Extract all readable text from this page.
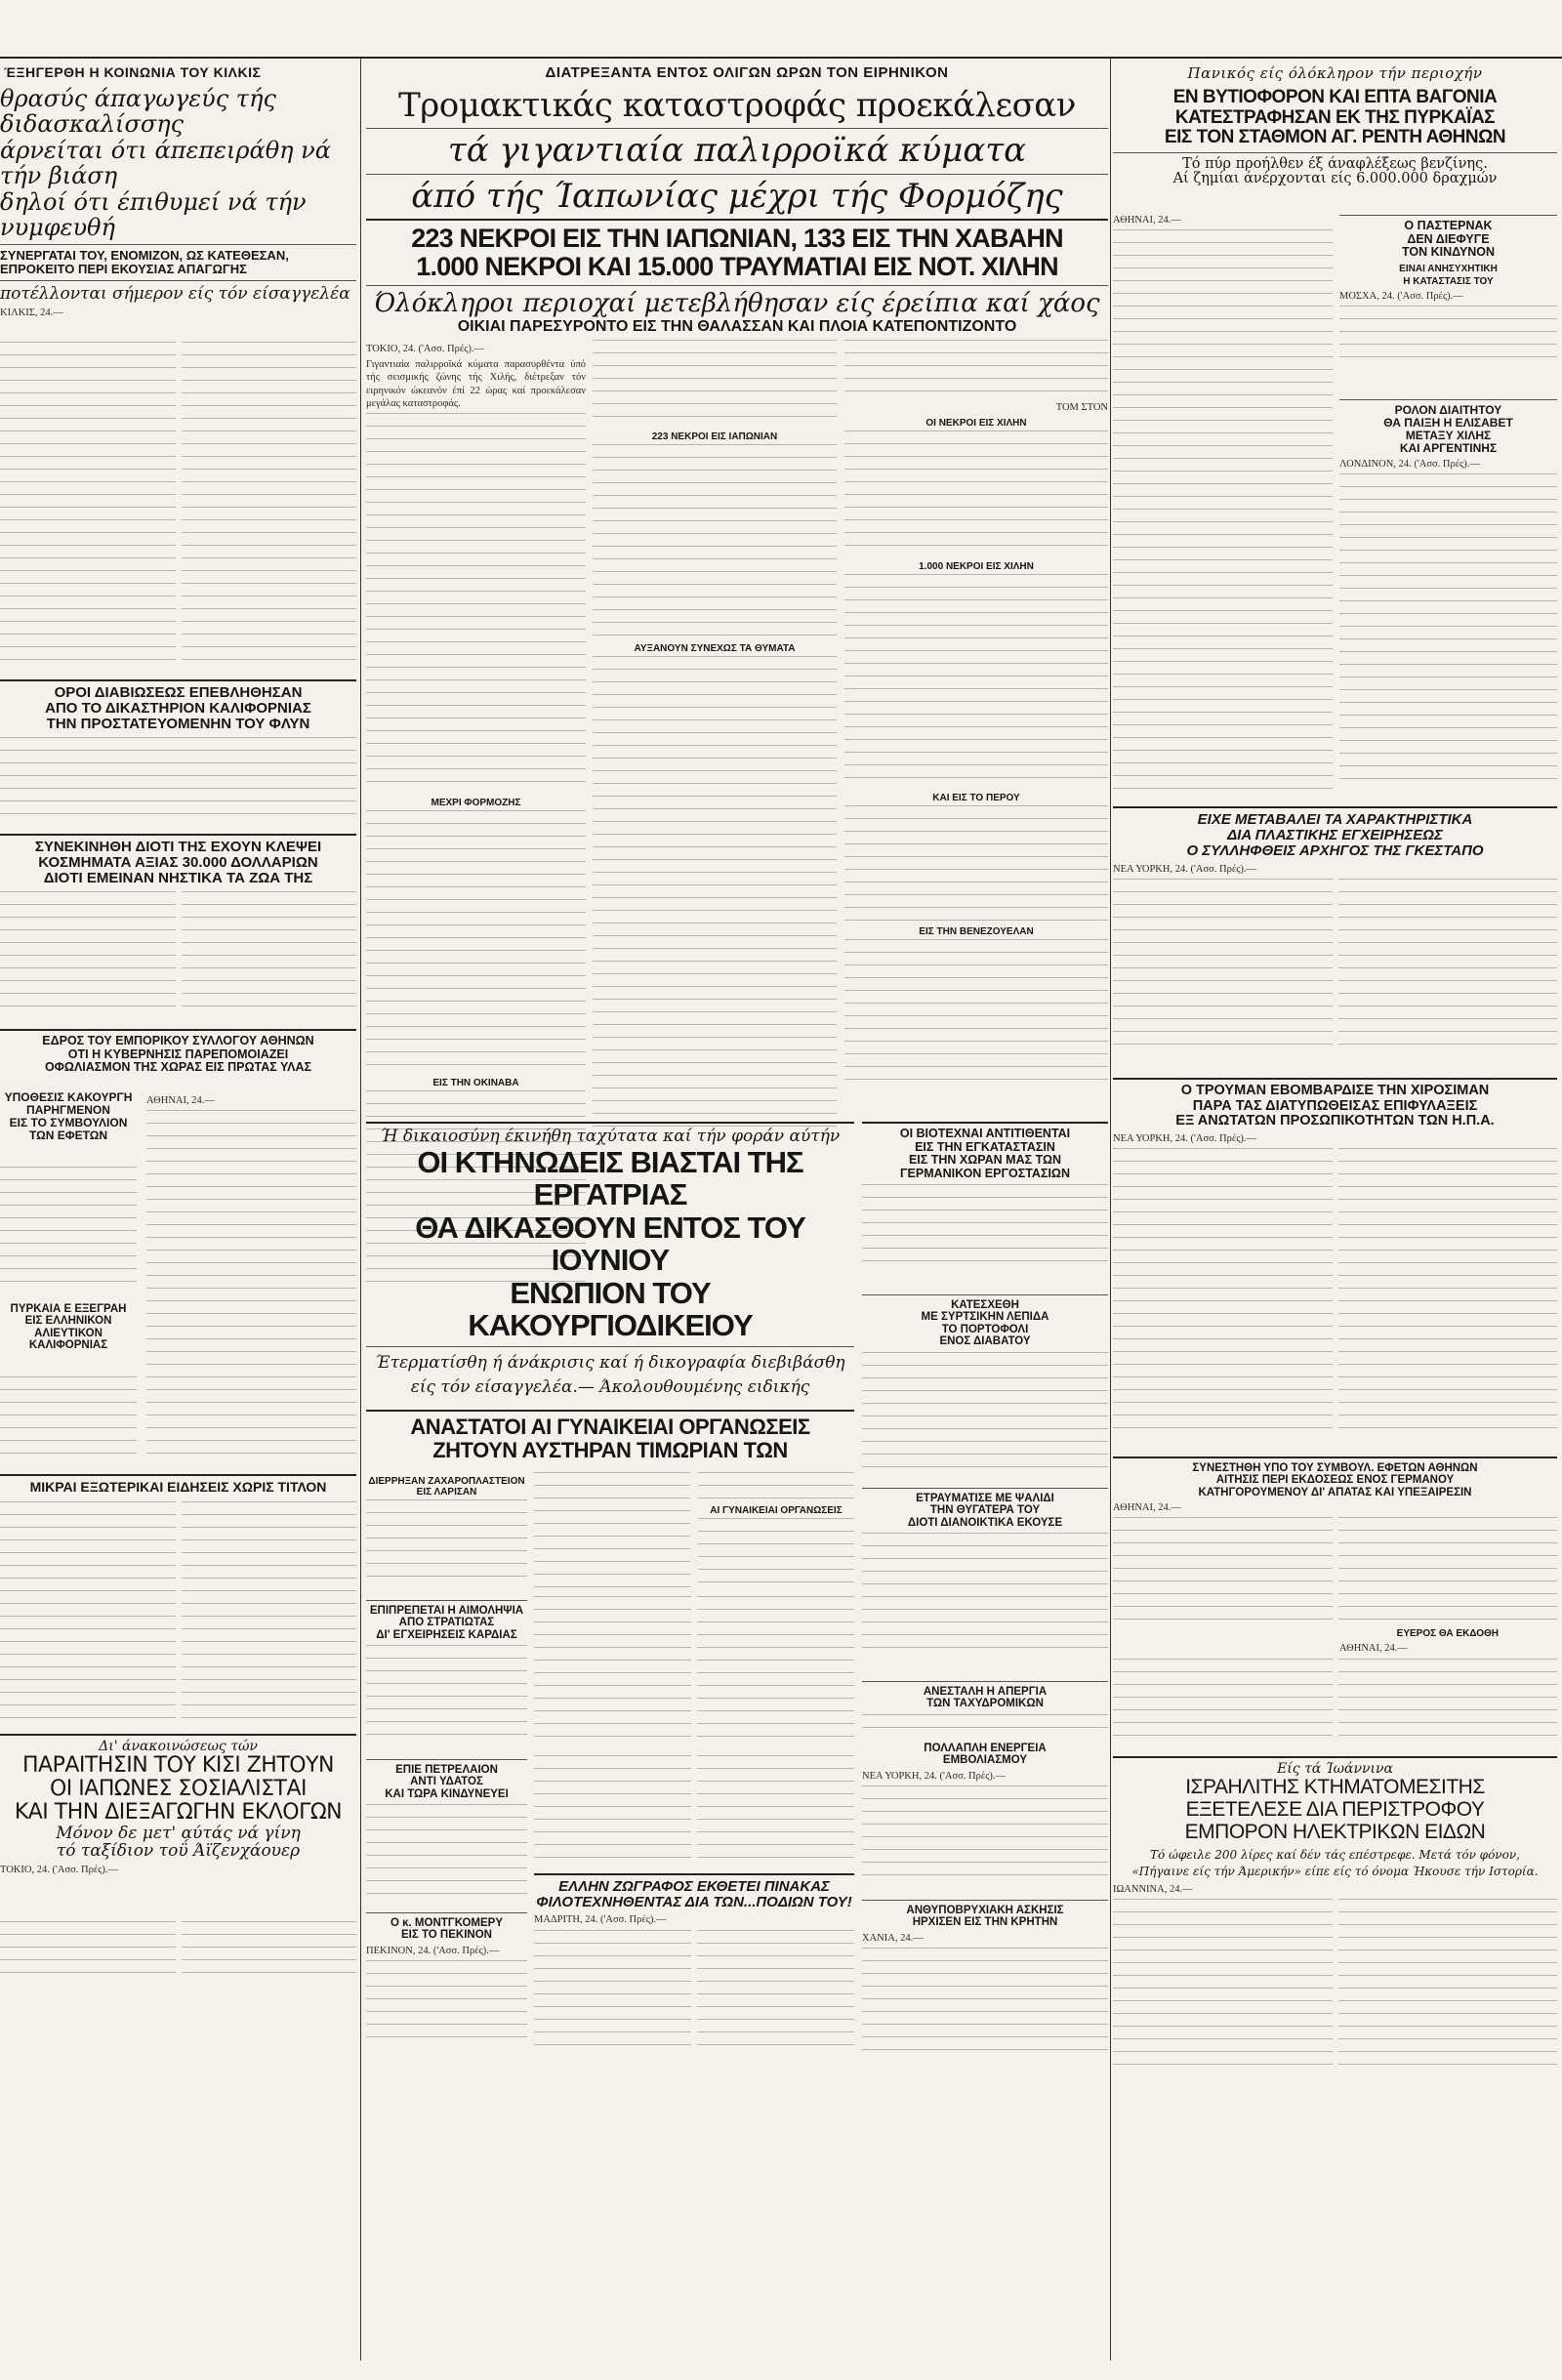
ΈΞΗΓΕΡΘΗ Η ΚΟΙΝΩΝΙΑ ΤΟΥ ΚΙΛΚΙΣ
θρασύς άπαγωγεύς τής διδασκαλίσσης
άρνείται ότι άπεπειράθη νά τήν βιάση
δηλοί ότι έπιθυμεί νά τήν νυμφευθή
ΣΥΝΕΡΓΑΤΑΙ ΤΟΥ, ΕΝΟΜΙΖΟΝ, ΩΣ ΚΑΤΕΘΕΣΑΝ,
ΕΠΡΟΚΕΙΤΟ ΠΕΡΙ ΕΚΟΥΣΙΑΣ ΑΠΑΓΩΓΗΣ
ποτέλλονται σήμερον είς τόν είσαγγελέα
ΚΙΛΚΙΣ, 24.—
ΟΡΟΙ ΔΙΑΒΙΩΣΕΩΣ ΕΠΕΒΛΗΘΗΣΑΝ
ΑΠΟ ΤΟ ΔΙΚΑΣΤΗΡΙΟΝ ΚΑΛΙΦΟΡΝΙΑΣ
ΤΗΝ ΠΡΟΣΤΑΤΕΥΟΜΕΝΗΝ ΤΟΥ ΦΛΥΝ
ΣΥΝΕΚΙΝΗΘΗ ΔΙΟΤΙ ΤΗΣ ΕΧΟΥΝ ΚΛΕΨΕΙ
ΚΟΣΜΗΜΑΤΑ ΑΞΙΑΣ 30.000 ΔΟΛΛΑΡΙΩΝ
ΔΙΟΤΙ ΕΜΕΙΝΑΝ ΝΗΣΤΙΚΑ ΤΑ ΖΩΑ ΤΗΣ
ΕΔΡΟΣ ΤΟΥ ΕΜΠΟΡΙΚΟΥ ΣΥΛΛΟΓΟΥ ΑΘΗΝΩΝ
ΟΤΙ Η ΚΥΒΕΡΝΗΣΙΣ ΠΑΡΕΠΟΜΟΙΑΖΕΙ
ΟΦΩΛΙΑΣΜΟΝ ΤΗΣ ΧΩΡΑΣ ΕΙΣ ΠΡΩΤΑΣ ΥΛΑΣ
ΥΠΟΘΕΣΙΣ ΚΑΚΟΥΡΓΗ
ΠΑΡΗΓΜΕΝΟΝ
ΕΙΣ ΤΟ ΣΥΜΒΟΥΛΙΟΝ
ΤΩΝ ΕΦΕΤΩΝ
ΑΘΗΝΑΙ, 24.—
ΠΥΡΚΑΪΑ Ε ΕΞΕΓΡΑΗ
ΕΙΣ ΕΛΛΗΝΙΚΟΝ
ΑΛΙΕΥΤΙΚΟΝ
ΚΑΛΙΦΟΡΝΙΑΣ
ΜΙΚΡΑΙ ΕΞΩΤΕΡΙΚΑΙ ΕΙΔΗΣΕΙΣ ΧΩΡΙΣ ΤΙΤΛΟΝ
Δι' άνακοινώσεως τών
ΠΑΡΑΙΤΗΣΙΝ ΤΟΥ ΚΙΣΙ ΖΗΤΟΥΝ
ΟΙ ΙΑΠΩΝΕΣ ΣΟΣΙΑΛΙΣΤΑΙ
ΚΑΙ ΤΗΝ ΔΙΕΞΑΓΩΓΗΝ ΕΚΛΟΓΩΝ
Μόνον δε μετ' αύτάς νά γίνη
τό ταξίδιον τοΰ Άϊζενχάουερ
ΤΟΚΙΟ, 24. ('Ασσ. Πρές).—
ΔΙΑΤΡΕΞΑΝΤΑ ΕΝΤΟΣ ΟΛΙΓΩΝ ΩΡΩΝ ΤΟΝ ΕΙΡΗΝΙΚΟΝ
Τρομακτικάς καταστροφάς προεκάλεσαν
τά γιγαντιαία παλιρροϊκά κύματα
άπό τής Ίαπωνίας μέχρι τής Φορμόζης
223 ΝΕΚΡΟΙ ΕΙΣ ΤΗΝ ΙΑΠΩΝΙΑΝ, 133 ΕΙΣ ΤΗΝ ΧΑΒΑΗΝ
1.000 ΝΕΚΡΟΙ ΚΑΙ 15.000 ΤΡΑΥΜΑΤΙΑΙ ΕΙΣ ΝΟΤ. ΧΙΛΗΝ
Όλόκληροι περιοχαί μετεβλήθησαν είς έρείπια καί χάος
ΟΙΚΙΑΙ ΠΑΡΕΣΥΡΟΝΤΟ ΕΙΣ ΤΗΝ ΘΑΛΑΣΣΑΝ ΚΑΙ ΠΛΟΙΑ ΚΑΤΕΠΟΝΤΙΖΟΝΤΟ
ΤΟΚΙΟ, 24. ('Ασσ. Πρές).—
Γιγαντιαία παλιρροϊκά κύματα παρασυρθέντα ύπό τής σεισμικής ζώνης τής Χιλής, διέτρεξαν τόν ειρηνικόν ώκεανόν έπί 22 ώρας καί προεκάλεσαν μεγάλας καταστροφάς.
ΜΕΧΡΙ ΦΟΡΜΟΖΗΣ
ΕΙΣ ΤΗΝ ΟΚΙΝΑΒΑ
223 ΝΕΚΡΟΙ ΕΙΣ ΙΑΠΩΝΙΑΝ
ΑΥΞΑΝΟΥΝ ΣΥΝΕΧΩΣ ΤΑ ΘΥΜΑΤΑ
ΤΟΜ ΣΤΟΝ
ΟΙ ΝΕΚΡΟΙ ΕΙΣ ΧΙΛΗΝ
1.000 ΝΕΚΡΟΙ ΕΙΣ ΧΙΛΗΝ
ΚΑΙ ΕΙΣ ΤΟ ΠΕΡΟΥ
ΕΙΣ ΤΗΝ ΒΕΝΕΖΟΥΕΛΑΝ
Ή δικαιοσύνη έκινήθη ταχύτατα καί τήν φοράν αύτήν
ΟΙ ΚΤΗΝΩΔΕΙΣ ΒΙΑΣΤΑΙ ΤΗΣ ΕΡΓΑΤΡΙΑΣ
ΘΑ ΔΙΚΑΣΘΟΥΝ ΕΝΤΟΣ ΤΟΥ ΙΟΥΝΙΟΥ
ΕΝΩΠΙΟΝ ΤΟΥ ΚΑΚΟΥΡΓΙΟΔΙΚΕΙΟΥ
Έτερματίσθη ή άνάκρισις καί ή δικογραφία διεβιβάσθη είς τόν είσαγγελέα.— Άκολουθουμένης ειδικής
ΑΝΑΣΤΑΤΟΙ ΑΙ ΓΥΝΑΙΚΕΙΑΙ ΟΡΓΑΝΩΣΕΙΣ
ΖΗΤΟΥΝ ΑΥΣΤΗΡΑΝ ΤΙΜΩΡΙΑΝ ΤΩΝ
ΔΙΕΡΡΗΞΑΝ ΖΑΧΑΡΟΠΛΑΣΤΕΙΟΝ ΕΙΣ ΛΑΡΙΣΑΝ
ΑΙ ΓΥΝΑΙΚΕΙΑΙ ΟΡΓΑΝΩΣΕΙΣ
ΕΠΙΠΡΕΠΕΤΑΙ Η ΑΙΜΟΛΗΨΙΑ
ΑΠΟ ΣΤΡΑΤΙΩΤΑΣ
ΔΙ' ΕΓΧΕΙΡΗΣΕΙΣ ΚΑΡΔΙΑΣ
ΕΠΙΕ ΠΕΤΡΕΛΑΙΟΝ
ΑΝΤΙ ΥΔΑΤΟΣ
ΚΑΙ ΤΩΡΑ ΚΙΝΔΥΝΕΥΕΙ
Ο κ. ΜΟΝΤΓΚΟΜΕΡΥ
ΕΙΣ ΤΟ ΠΕΚΙΝΟΝ
ΠΕΚΙΝΟΝ, 24. ('Ασσ. Πρές).—
ΕΛΛΗΝ ΖΩΓΡΑΦΟΣ ΕΚΘΕΤΕΙ ΠΙΝΑΚΑΣ
ΦΙΛΟΤΕΧΝΗΘΕΝΤΑΣ ΔΙΑ ΤΩΝ...ΠΟΔΙΩΝ ΤΟΥ!
ΜΑΔΡΙΤΗ, 24. ('Ασσ. Πρές).—
ΟΙ ΒΙΟΤΕΧΝΑΙ ΑΝΤΙΤΙΘΕΝΤΑΙ
ΕΙΣ ΤΗΝ ΕΓΚΑΤΑΣΤΑΣΙΝ
ΕΙΣ ΤΗΝ ΧΩΡΑΝ ΜΑΣ ΤΩΝ
ΓΕΡΜΑΝΙΚΟΝ ΕΡΓΟΣΤΑΣΙΩΝ
ΚΑΤΕΣΧΕΘΗ
ΜΕ ΣΥΡΤΣΙΚΗΝ ΛΕΠΙΔΑ
ΤΟ ΠΟΡΤΟΦΟΛΙ
ΕΝΟΣ ΔΙΑΒΑΤΟΥ
ΕΤΡΑΥΜΑΤΙΣΕ ΜΕ ΨΑΛΙΔΙ
ΤΗΝ ΘΥΓΑΤΕΡΑ ΤΟΥ
ΔΙΟΤΙ ΔΙΑΝΟΙΚΤΙΚΑ ΕΚΟΥΣΕ
ΑΝΕΣΤΑΛΗ Η ΑΠΕΡΓΙΑ
ΤΩΝ ΤΑΧΥΔΡΟΜΙΚΩΝ
ΠΟΛΛΑΠΛΗ ΕΝΕΡΓΕΙΑ
ΕΜΒΟΛΙΑΣΜΟΥ
ΝΕΑ ΥΟΡΚΗ, 24. ('Ασσ. Πρές).—
ΑΝΘΥΠΟΒΡΥΧΙΑΚΗ ΑΣΚΗΣΙΣ
ΗΡΧΙΣΕΝ ΕΙΣ ΤΗΝ ΚΡΗΤΗΝ
ΧΑΝΙΑ, 24.—
Πανικός είς όλόκληρον τήν περιοχήν
ΕΝ ΒΥΤΙΟΦΟΡΟΝ ΚΑΙ ΕΠΤΑ ΒΑΓΟΝΙΑ
ΚΑΤΕΣΤΡΑΦΗΣΑΝ ΕΚ ΤΗΣ ΠΥΡΚΑΪΑΣ
ΕΙΣ ΤΟΝ ΣΤΑΘΜΟΝ ΑΓ. ΡΕΝΤΗ ΑΘΗΝΩΝ
Τό πύρ προήλθεν έξ άναφλέξεως βενζίνης.
Αί ζημίαι άνέρχονται είς 6.000.000 δραχμών
ΑΘΗΝΑΙ, 24.—	Ο ΠΑΣΤΕΡΝΑΚ
ΔΕΝ ΔΙΕΦΥΓΕ
ΤΟΝ ΚΙΝΔΥΝΟΝ
ΕΙΝΑΙ ΑΝΗΣΥΧΗΤΙΚΗ
Η ΚΑΤΑΣΤΑΣΙΣ ΤΟΥ
ΜΟΣΧΑ, 24. ('Ασσ. Πρές).—
ΡΟΛΟΝ ΔΙΑΙΤΗΤΟΥ
ΘΑ ΠΑΙΞΗ Η ΕΛΙΣΑΒΕΤ
ΜΕΤΑΞΥ ΧΙΛΗΣ
ΚΑΙ ΑΡΓΕΝΤΙΝΗΣ
ΛΟΝΔΙΝΟΝ, 24. ('Ασσ. Πρές).—
ΕΙΧΕ ΜΕΤΑΒΑΛΕΙ ΤΑ ΧΑΡΑΚΤΗΡΙΣΤΙΚΑ
ΔΙΑ ΠΛΑΣΤΙΚΗΣ ΕΓΧΕΙΡΗΣΕΩΣ
Ο ΣΥΛΛΗΦΘΕΙΣ ΑΡΧΗΓΟΣ ΤΗΣ ΓΚΕΣΤΑΠΟ
ΝΕΑ ΥΟΡΚΗ, 24. ('Ασσ. Πρές).—
Ο ΤΡΟΥΜΑΝ ΕΒΟΜΒΑΡΔΙΣΕ ΤΗΝ ΧΙΡΟΣΙΜΑΝ
ΠΑΡΑ ΤΑΣ ΔΙΑΤΥΠΩΘΕΙΣΑΣ ΕΠΙΦΥΛΑΞΕΙΣ
ΕΞ ΑΝΩΤΑΤΩΝ ΠΡΟΣΩΠΙΚΟΤΗΤΩΝ ΤΩΝ Η.Π.Α.
ΝΕΑ ΥΟΡΚΗ, 24. ('Ασσ. Πρές).—
ΣΥΝΕΣΤΗΘΗ ΥΠΟ ΤΟΥ ΣΥΜΒΟΥΛ. ΕΦΕΤΩΝ ΑΘΗΝΩΝ
ΑΙΤΗΣΙΣ ΠΕΡΙ ΕΚΔΟΣΕΩΣ ΕΝΟΣ ΓΕΡΜΑΝΟΥ
ΚΑΤΗΓΟΡΟΥΜΕΝΟΥ ΔΙ' ΑΠΑΤΑΣ ΚΑΙ ΥΠΕΞΑΙΡΕΣΙΝ
ΑΘΗΝΑΙ, 24.—
ΕΥΕΡΟΣ ΘΑ ΕΚΔΟΘΗ
ΑΘΗΝΑΙ, 24.—
Είς τά Ίωάννινα
ΙΣΡΑΗΛΙΤΗΣ ΚΤΗΜΑΤΟΜΕΣΙΤΗΣ
ΕΞΕΤΕΛΕΣΕ ΔΙΑ ΠΕΡΙΣΤΡΟΦΟΥ
ΕΜΠΟΡΟΝ ΗΛΕΚΤΡΙΚΩΝ ΕΙΔΩΝ
Τό ώφειλε 200 λίρες καί δέν τάς επέστρεφε. Μετά τόν φόνον, «Πήγαινε είς τήν Άμερικήν» είπε είς τό όνομα Ήκουσε τήν Ιστορία.
ΙΩΑΝΝΙΝΑ, 24.—
